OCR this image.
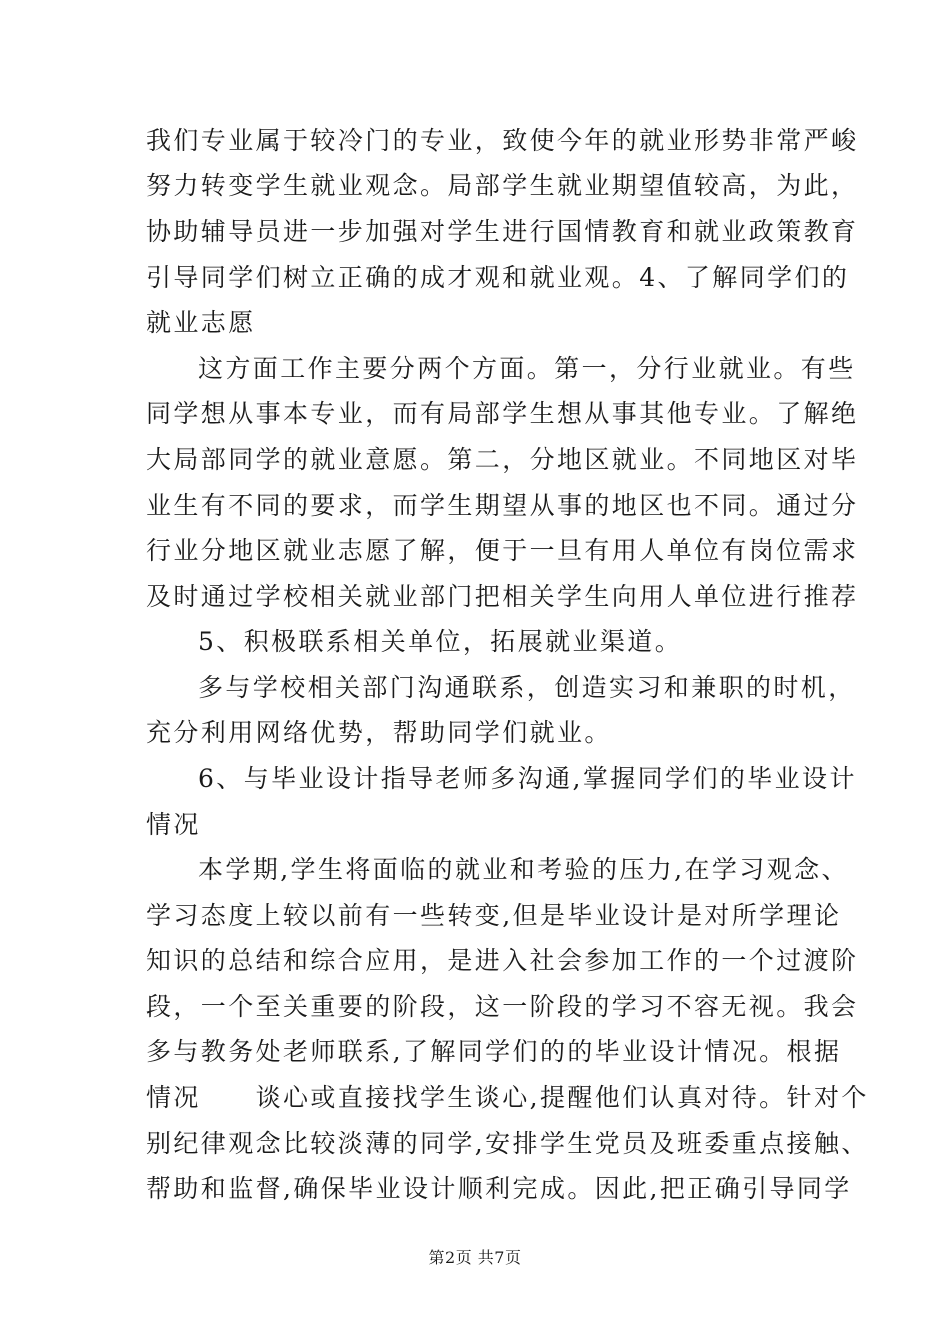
我们专业属于较冷门的专业，致使今年的就业形势非常严峻
努力转变学生就业观念。局部学生就业期望值较高，为此，
协助辅导员进一步加强对学生进行国情教育和就业政策教育
引导同学们树立正确的成才观和就业观。4、了解同学们的
就业志愿
这方面工作主要分两个方面。第一，分行业就业。有些
同学想从事本专业，而有局部学生想从事其他专业。了解绝
大局部同学的就业意愿。第二，分地区就业。不同地区对毕
业生有不同的要求，而学生期望从事的地区也不同。通过分
行业分地区就业志愿了解，便于一旦有用人单位有岗位需求
及时通过学校相关就业部门把相关学生向用人单位进行推荐
5、积极联系相关单位，拓展就业渠道。
多与学校相关部门沟通联系，创造实习和兼职的时机，
充分利用网络优势，帮助同学们就业。
6、与毕业设计指导老师多沟通,掌握同学们的毕业设计
情况
本学期,学生将面临的就业和考验的压力,在学习观念、
学习态度上较以前有一些转变,但是毕业设计是对所学理论
知识的总结和综合应用，是进入社会参加工作的一个过渡阶
段，一个至关重要的阶段，这一阶段的学习不容无视。我会
多与教务处老师联系,了解同学们的的毕业设计情况。根据
情况　　谈心或直接找学生谈心,提醒他们认真对待。针对个
别纪律观念比较淡薄的同学,安排学生党员及班委重点接触、
帮助和监督,确保毕业设计顺利完成。因此,把正确引导同学
第2页 共7页
